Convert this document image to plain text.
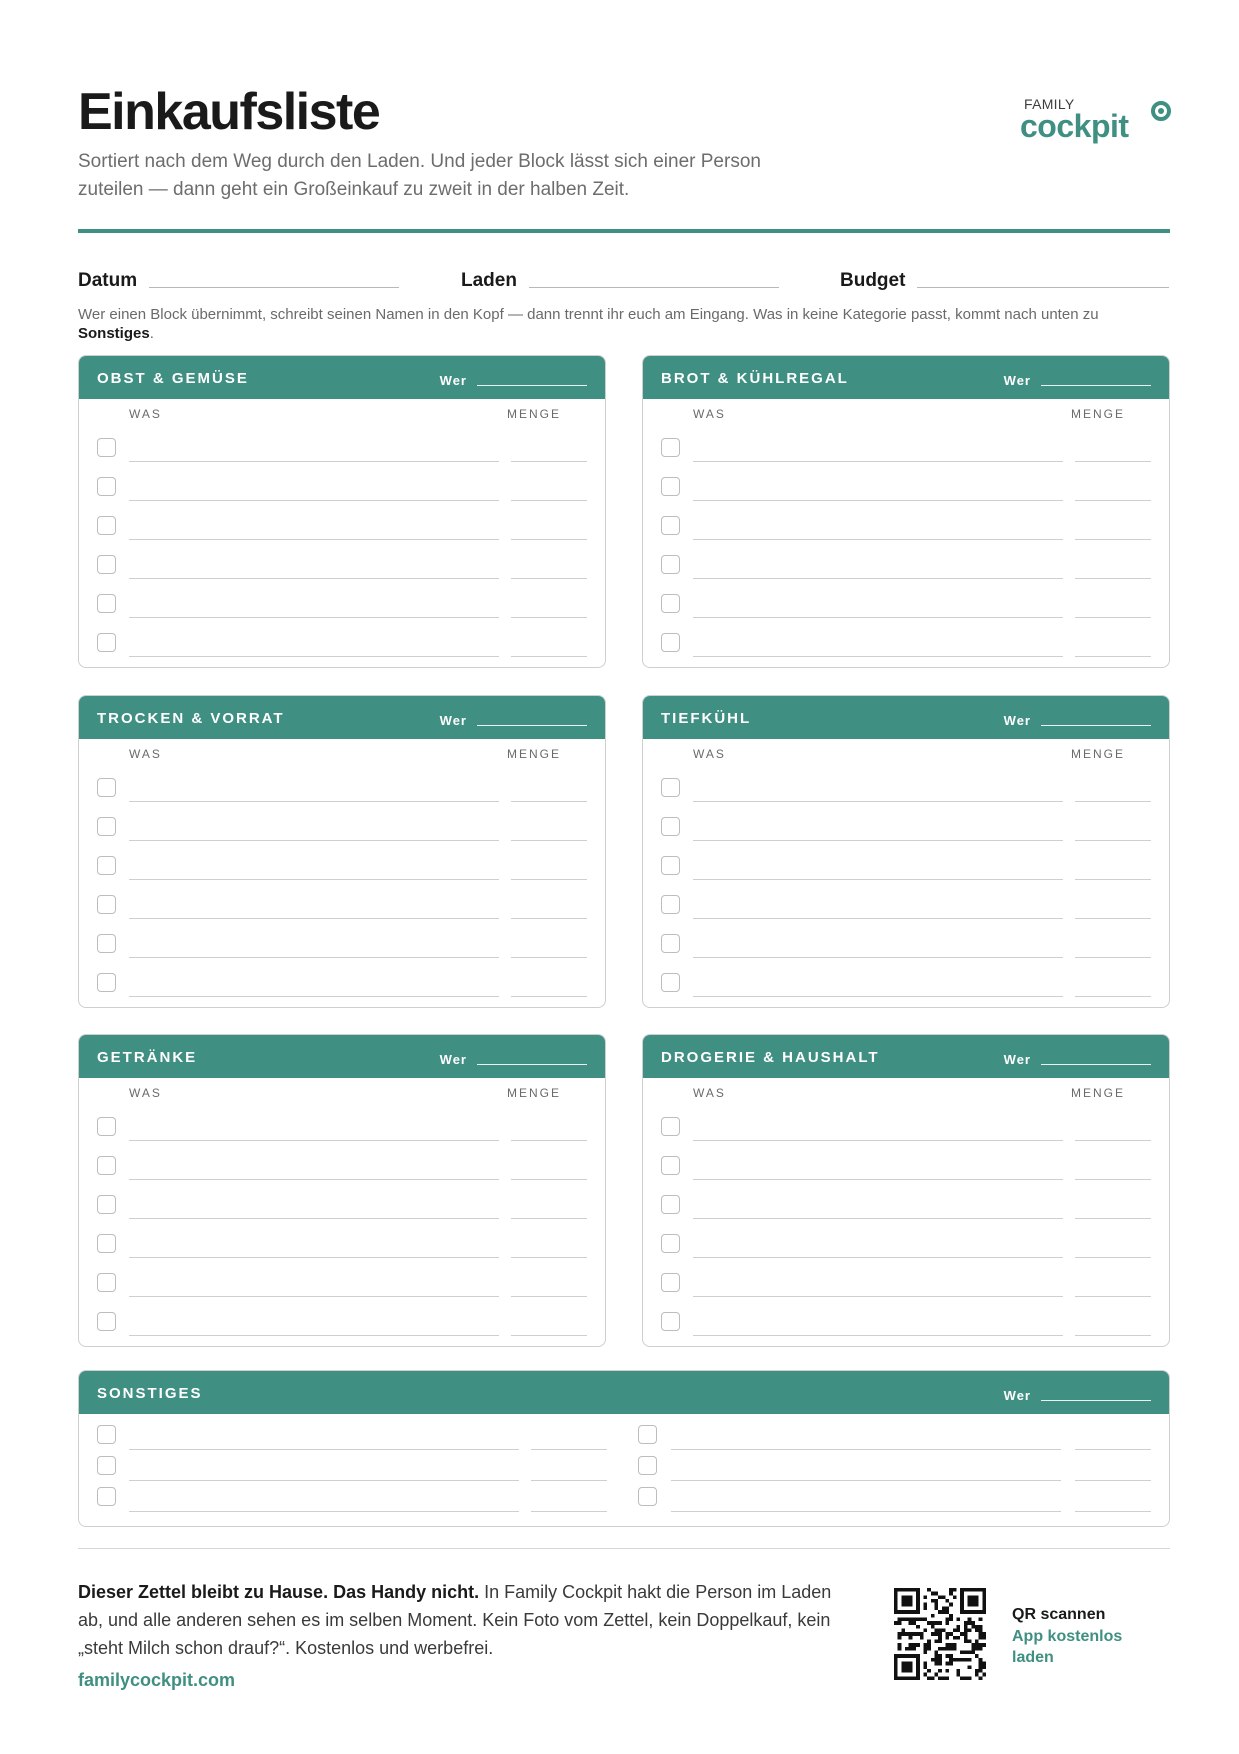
Einkaufsliste

Sortiert nach dem Weg durch den Laden. Und jeder Block lässt sich einer Person zuteilen — dann geht ein Großeinkauf zu zweit in der halben Zeit.

FAMILY
cockpit
Datum	Laden	Budget

Wer einen Block übernimmt, schreibt seinen Namen in den Kopf — dann trennt ihr euch am Eingang. Was in keine Kategorie passt, kommt nach unten zu Sonstiges.

OBST & GEMÜSE	Wer
WAS	MENGE
BROT & KÜHLREGAL	Wer
WAS	MENGE
TROCKEN & VORRAT	Wer
WAS	MENGE
TIEFKÜHL	Wer
WAS	MENGE
GETRÄNKE	Wer
WAS	MENGE
DROGERIE & HAUSHALT	Wer
WAS	MENGE
SONSTIGES	Wer

Dieser Zettel bleibt zu Hause. Das Handy nicht. In Family Cockpit hakt die Person im Laden ab, und alle anderen sehen es im selben Moment. Kein Foto vom Zettel, kein Doppelkauf, kein „steht Milch schon drauf?“. Kostenlos und werbefrei.

familycockpit.com
QR scannen
App kostenlos laden
